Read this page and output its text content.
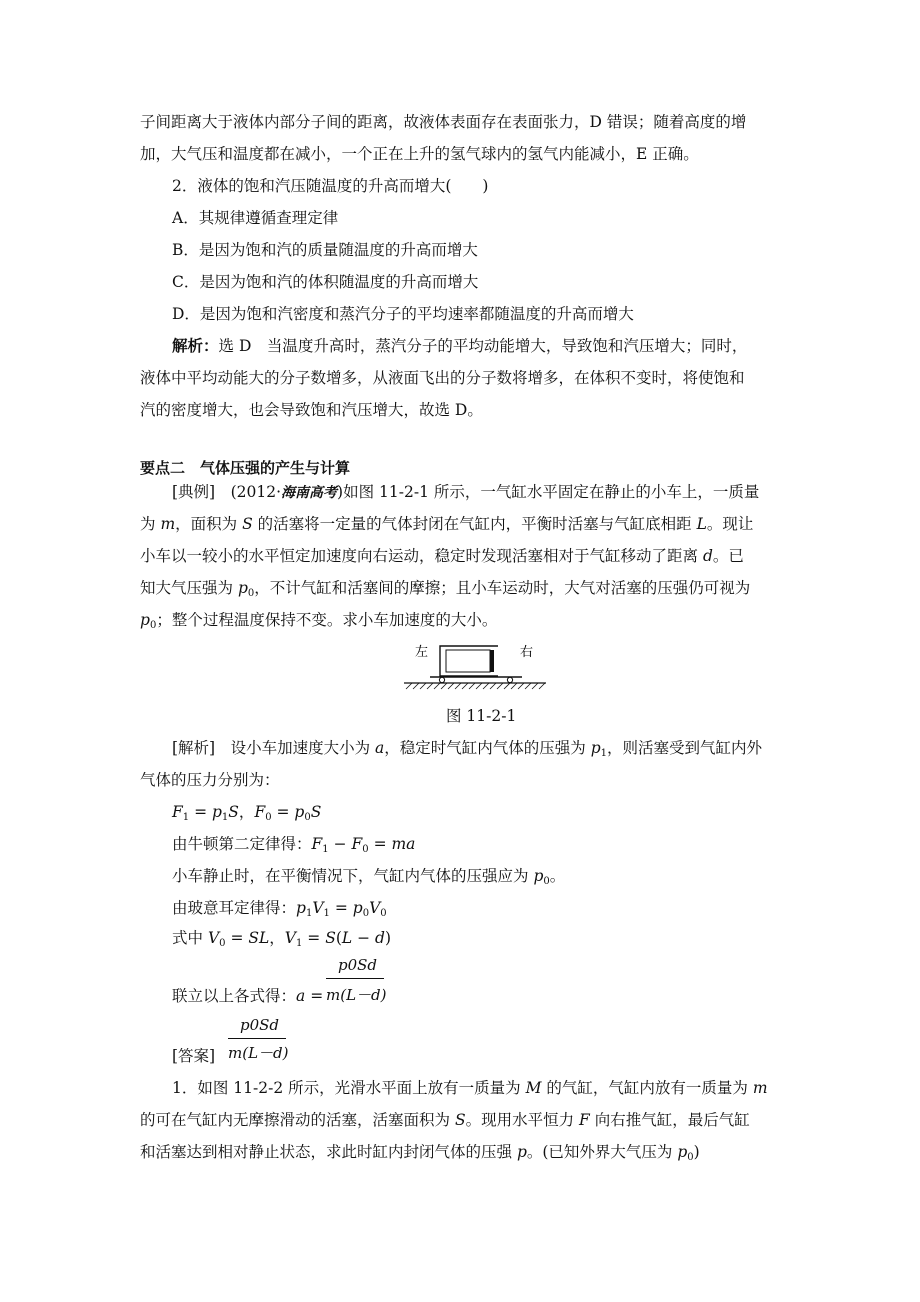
子间距离大于液体内部分子间的距离，故液体表面存在表面张力，D 错误；随着高度的增
加，大气压和温度都在减小，一个正在上升的氢气球内的氢气内能减小，E 正确。
2．液体的饱和汽压随温度的升高而增大(　　)
A．其规律遵循查理定律
B．是因为饱和汽的质量随温度的升高而增大
C．是因为饱和汽的体积随温度的升高而增大
D．是因为饱和汽密度和蒸汽分子的平均速率都随温度的升高而增大
解析：选 D　当温度升高时，蒸汽分子的平均动能增大，导致饱和汽压增大；同时，
液体中平均动能大的分子数增多，从液面飞出的分子数将增多，在体积不变时，将使饱和
汽的密度增大，也会导致饱和汽压增大，故选 D。
要点二　气体压强的产生与计算
[典例]　 (2012·海南高考)如图 11-2-1 所示，一气缸水平固定在静止的小车上，一质量
为 m，面积为 S 的活塞将一定量的气体封闭在气缸内，平衡时活塞与气缸底相距 L。现让
小车以一较小的水平恒定加速度向右运动，稳定时发现活塞相对于气缸移动了距离 d。已
知大气压强为 $p_0$，不计气缸和活塞间的摩擦；且小车运动时，大气对活塞的压强仍可视为
$p_0$；整个过程温度保持不变。求小车加速度的大小。
左	右
图 11-2-1
[解析]　设小车加速度大小为 a，稳定时气缸内气体的压强为 $p_1$，则活塞受到气缸内外
气体的压力分别为：
$F_1 = p_1S$，$F_0 = p_0S$
由牛顿第二定律得：$F_1 - F_0$ = ma
小车静止时，在平衡情况下，气缸内气体的压强应为 $p_0$。
由玻意耳定律得：$p_1V_1 = p_0V_0$
式中 $V_0$ = SL，$V_1 = S(L - d)$
p0Sd
联立以上各式得：a = m(L－d)
p0Sd
m(L－d)
[答案]
1．如图 11-2-2 所示，光滑水平面上放有一质量为 M 的气缸，气缸内放有一质量为 m
的可在气缸内无摩擦滑动的活塞，活塞面积为 S。现用水平恒力 F 向右推气缸，最后气缸
和活塞达到相对静止状态，求此时缸内封闭气体的压强 p。(已知外界大气压为 $p_0$)
